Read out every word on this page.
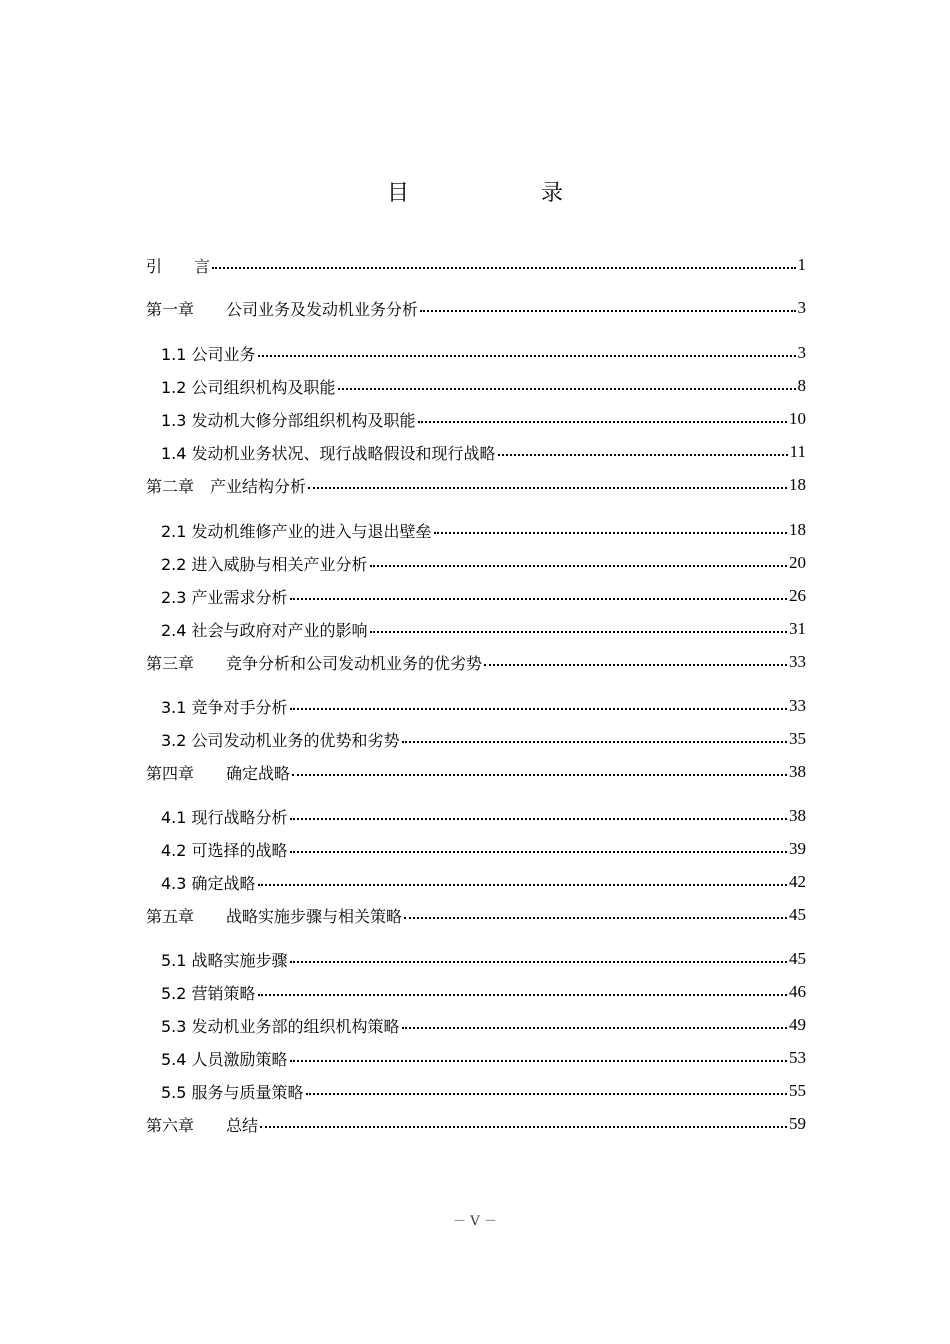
目	录
引　　言	1
第一章　　公司业务及发动机业务分析	3
1.1 公司业务	3
1.2 公司组织机构及职能	8
1.3 发动机大修分部组织机构及职能	10
1.4 发动机业务状况、现行战略假设和现行战略	11
第二章　产业结构分析	18
2.1 发动机维修产业的进入与退出壁垒	18
2.2 进入威胁与相关产业分析	20
2.3 产业需求分析	26
2.4 社会与政府对产业的影响	31
第三章　　竞争分析和公司发动机业务的优劣势	33
3.1 竞争对手分析	33
3.2 公司发动机业务的优势和劣势	35
第四章　　确定战略	38
4.1 现行战略分析	38
4.2 可选择的战略	39
4.3 确定战略	42
第五章　　战略实施步骤与相关策略	45
5.1 战略实施步骤	45
5.2 营销策略	46
5.3 发动机业务部的组织机构策略	49
5.4 人员激励策略	53
5.5 服务与质量策略	55
第六章　　总结	59
－ V －
